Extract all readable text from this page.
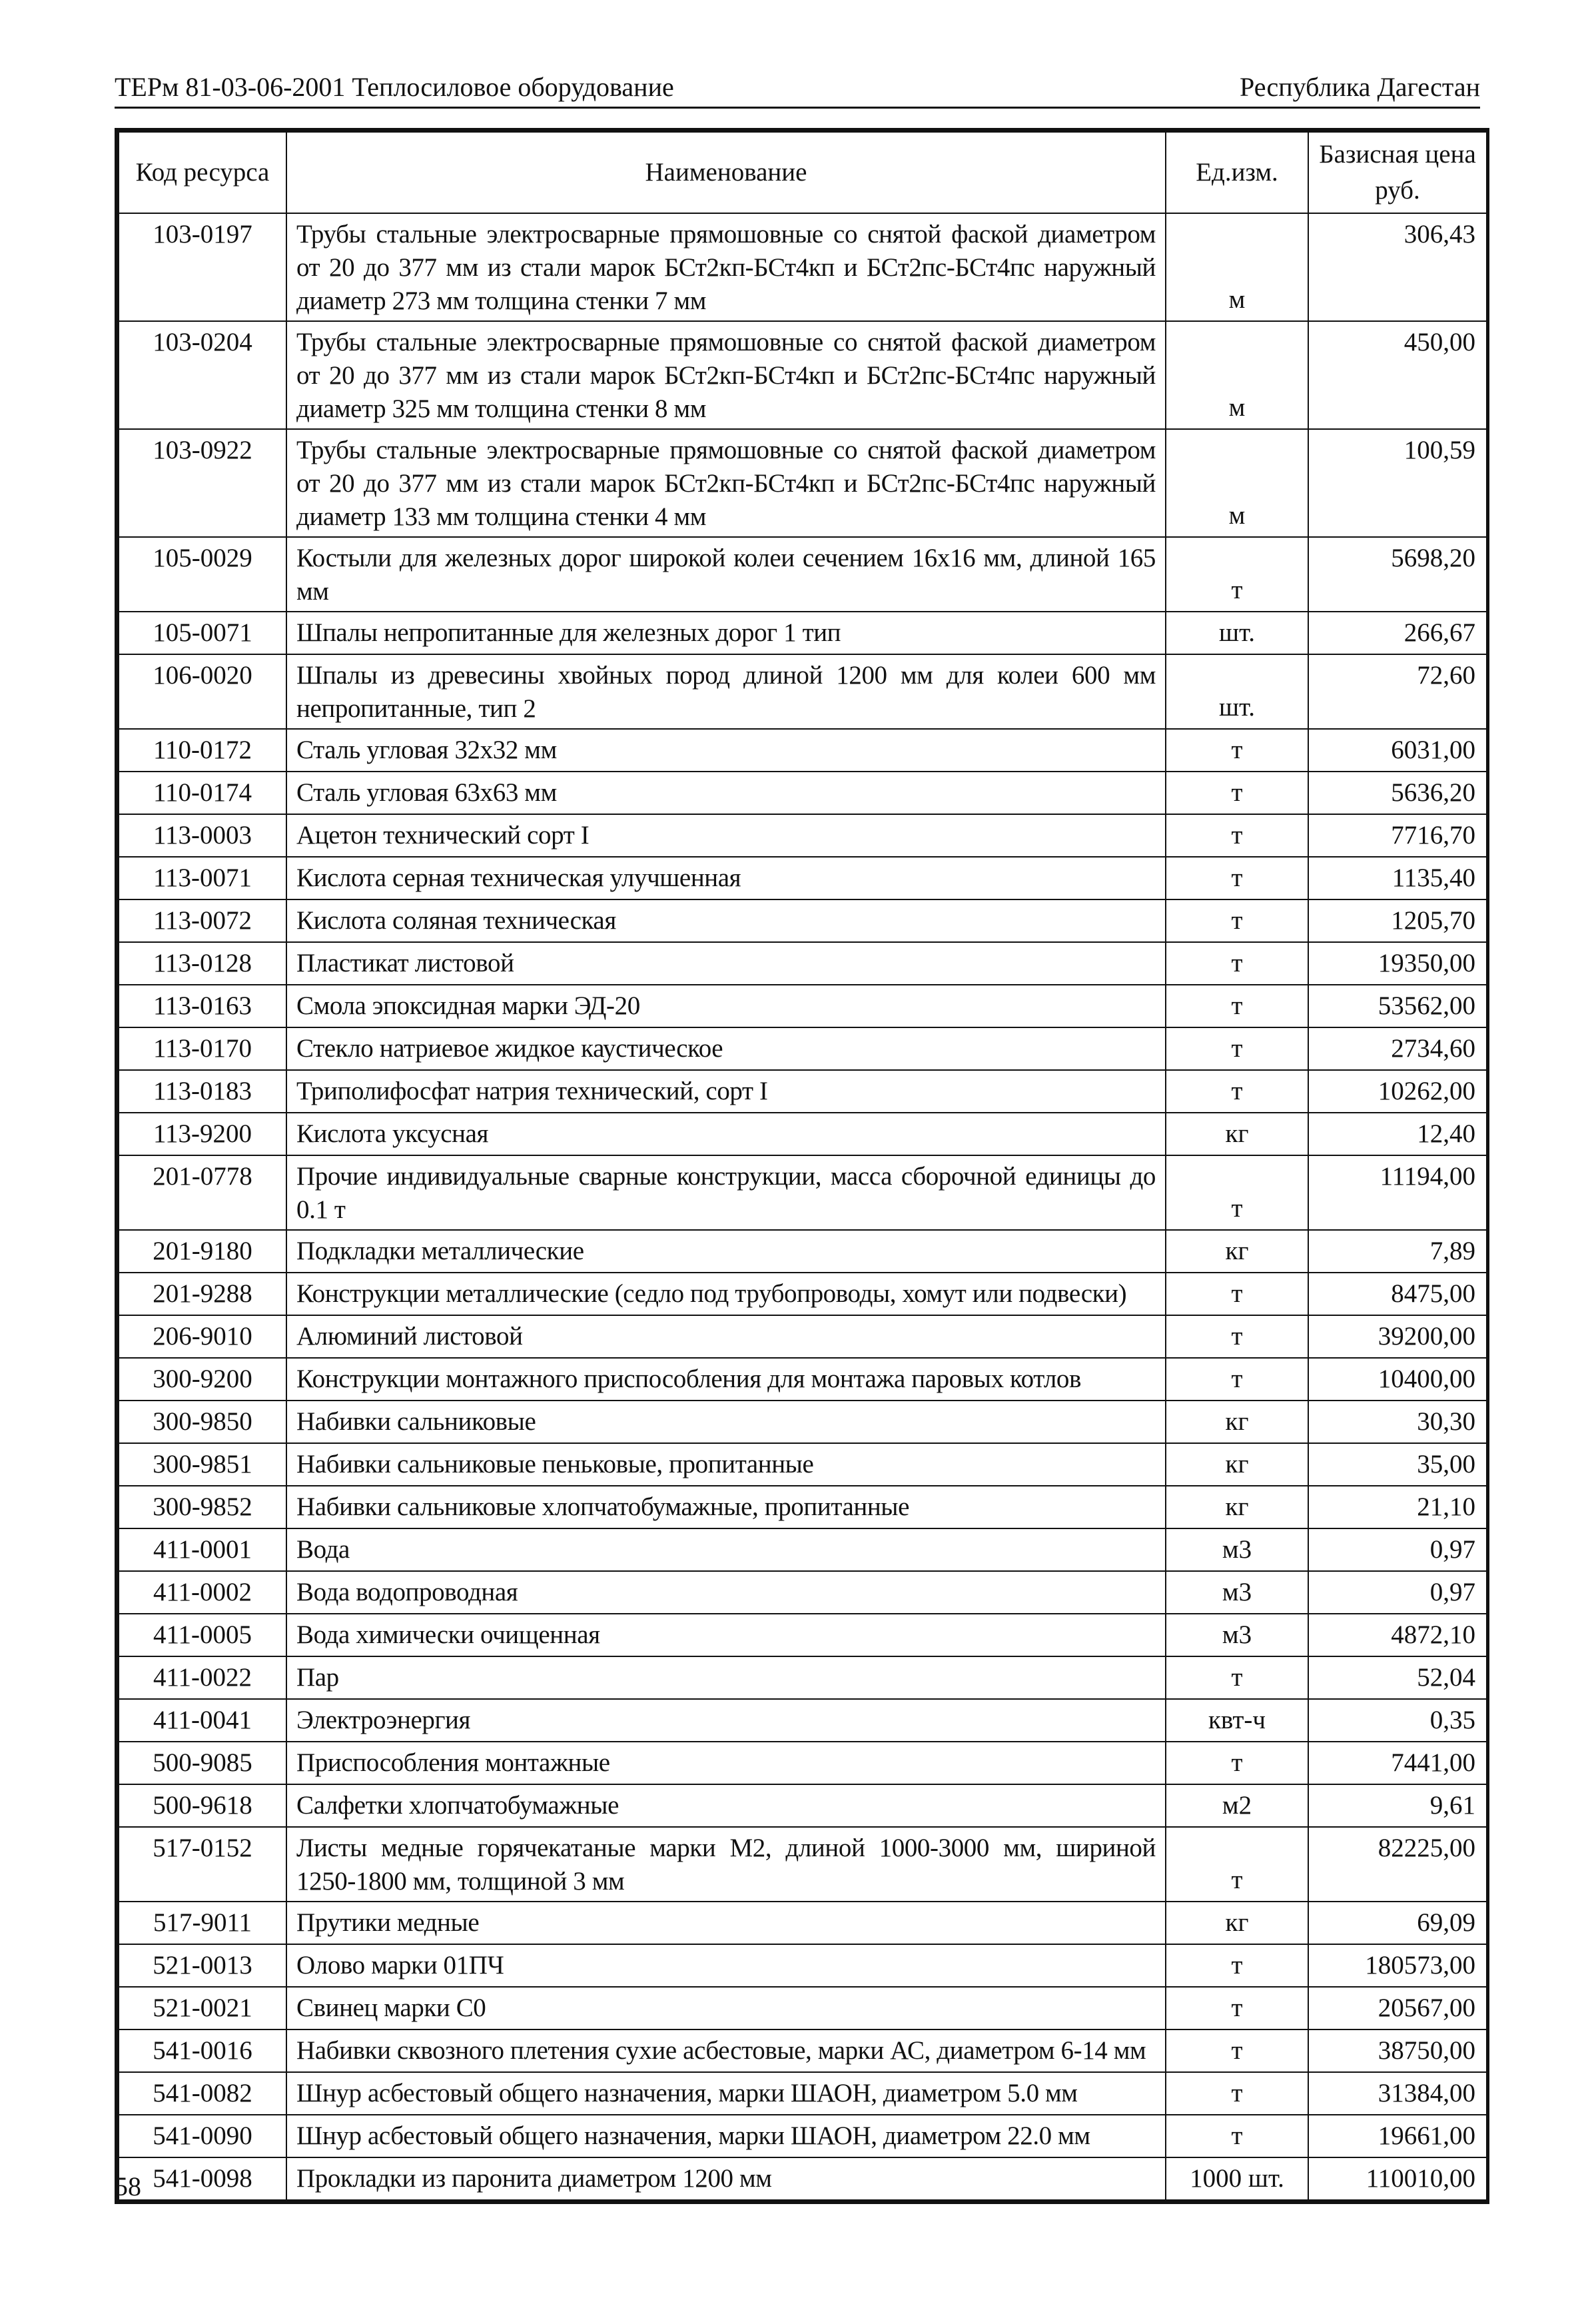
ТЕРм 81-03-06-2001 Теплосиловое оборудование	Республика Дагестан
Код ресурса	Наименование	Ед.изм.	Базисная цена руб.
103-0197	Трубы стальные электросварные прямошовные со снятой фаской диаметром от 20 до 377 мм из стали марок БСт2кп-БСт4кп и БСт2пс-БСт4пс наружный диаметр 273 мм толщина стенки 7 мм	м	306,43
103-0204	Трубы стальные электросварные прямошовные со снятой фаской диаметром от 20 до 377 мм из стали марок БСт2кп-БСт4кп и БСт2пс-БСт4пс наружный диаметр 325 мм толщина стенки 8 мм	м	450,00
103-0922	Трубы стальные электросварные прямошовные со снятой фаской диаметром от 20 до 377 мм из стали марок БСт2кп-БСт4кп и БСт2пс-БСт4пс наружный диаметр 133 мм толщина стенки 4 мм	м	100,59
105-0029	Костыли для железных дорог широкой колеи сечением 16x16 мм, длиной 165 мм	т	5698,20
105-0071	Шпалы непропитанные для железных дорог 1 тип	шт.	266,67
106-0020	Шпалы из древесины хвойных пород длиной 1200 мм для колеи 600 мм непропитанные, тип 2	шт.	72,60
110-0172	Сталь угловая 32x32 мм	т	6031,00
110-0174	Сталь угловая 63x63 мм	т	5636,20
113-0003	Ацетон технический сорт I	т	7716,70
113-0071	Кислота серная техническая улучшенная	т	1135,40
113-0072	Кислота соляная техническая	т	1205,70
113-0128	Пластикат листовой	т	19350,00
113-0163	Смола эпоксидная марки ЭД-20	т	53562,00
113-0170	Стекло натриевое жидкое каустическое	т	2734,60
113-0183	Триполифосфат натрия технический, сорт I	т	10262,00
113-9200	Кислота уксусная	кг	12,40
201-0778	Прочие индивидуальные сварные конструкции, масса сборочной единицы до 0.1 т	т	11194,00
201-9180	Подкладки металлические	кг	7,89
201-9288	Конструкции металлические (седло под трубопроводы, хомут или подвески)	т	8475,00
206-9010	Алюминий листовой	т	39200,00
300-9200	Конструкции монтажного приспособления для монтажа паровых котлов	т	10400,00
300-9850	Набивки сальниковые	кг	30,30
300-9851	Набивки сальниковые пеньковые, пропитанные	кг	35,00
300-9852	Набивки сальниковые хлопчатобумажные, пропитанные	кг	21,10
411-0001	Вода	м3	0,97
411-0002	Вода водопроводная	м3	0,97
411-0005	Вода химически очищенная	м3	4872,10
411-0022	Пар	т	52,04
411-0041	Электроэнергия	квт-ч	0,35
500-9085	Приспособления монтажные	т	7441,00
500-9618	Салфетки хлопчатобумажные	м2	9,61
517-0152	Листы медные горячекатаные марки М2, длиной 1000-3000 мм, шириной 1250-1800 мм, толщиной 3 мм	т	82225,00
517-9011	Прутики медные	кг	69,09
521-0013	Олово марки 01ПЧ	т	180573,00
521-0021	Свинец марки С0	т	20567,00
541-0016	Набивки сквозного плетения сухие асбестовые, марки АС, диаметром 6-14 мм	т	38750,00
541-0082	Шнур асбестовый общего назначения, марки ШАОН, диаметром 5.0 мм	т	31384,00
541-0090	Шнур асбестовый общего назначения, марки ШАОН, диаметром 22.0 мм	т	19661,00
541-0098	Прокладки из паронита диаметром 1200 мм	1000 шт.	110010,00
58
